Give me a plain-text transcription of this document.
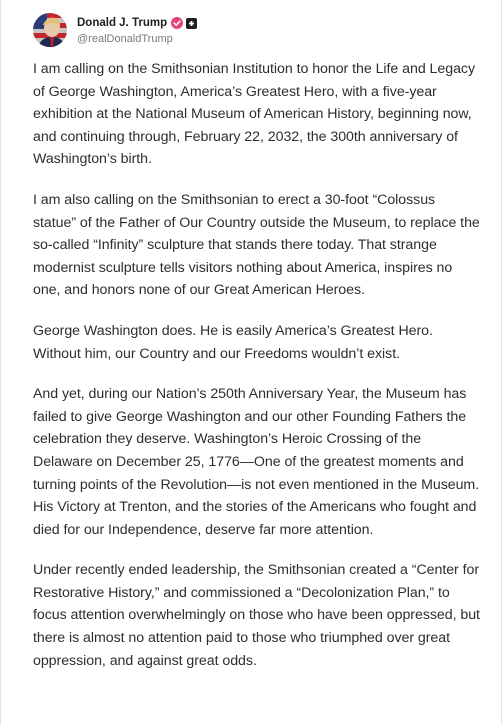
Donald J. Trump
@realDonaldTrump

I am calling on the Smithsonian Institution to honor the Life and Legacy of George Washington, America’s Greatest Hero, with a five-year exhibition at the National Museum of American History, beginning now, and continuing through, February 22, 2032, the 300th anniversary of Washington’s birth.

I am also calling on the Smithsonian to erect a 30-foot “Colossus statue” of the Father of Our Country outside the Museum, to replace the so-called “Infinity” sculpture that stands there today. That strange modernist sculpture tells visitors nothing about America, inspires no one, and honors none of our Great American Heroes.

George Washington does. He is easily America’s Greatest Hero. Without him, our Country and our Freedoms wouldn’t exist.

And yet, during our Nation’s 250th Anniversary Year, the Museum has failed to give George Washington and our other Founding Fathers the celebration they deserve. Washington’s Heroic Crossing of the Delaware on December 25, 1776—One of the greatest moments and turning points of the Revolution—is not even mentioned in the Museum. His Victory at Trenton, and the stories of the Americans who fought and died for our Independence, deserve far more attention.

Under recently ended leadership, the Smithsonian created a “Center for Restorative History,” and commissioned a “Decolonization Plan,” to focus attention overwhelmingly on those who have been oppressed, but there is almost no attention paid to those who triumphed over great oppression, and against great odds.
